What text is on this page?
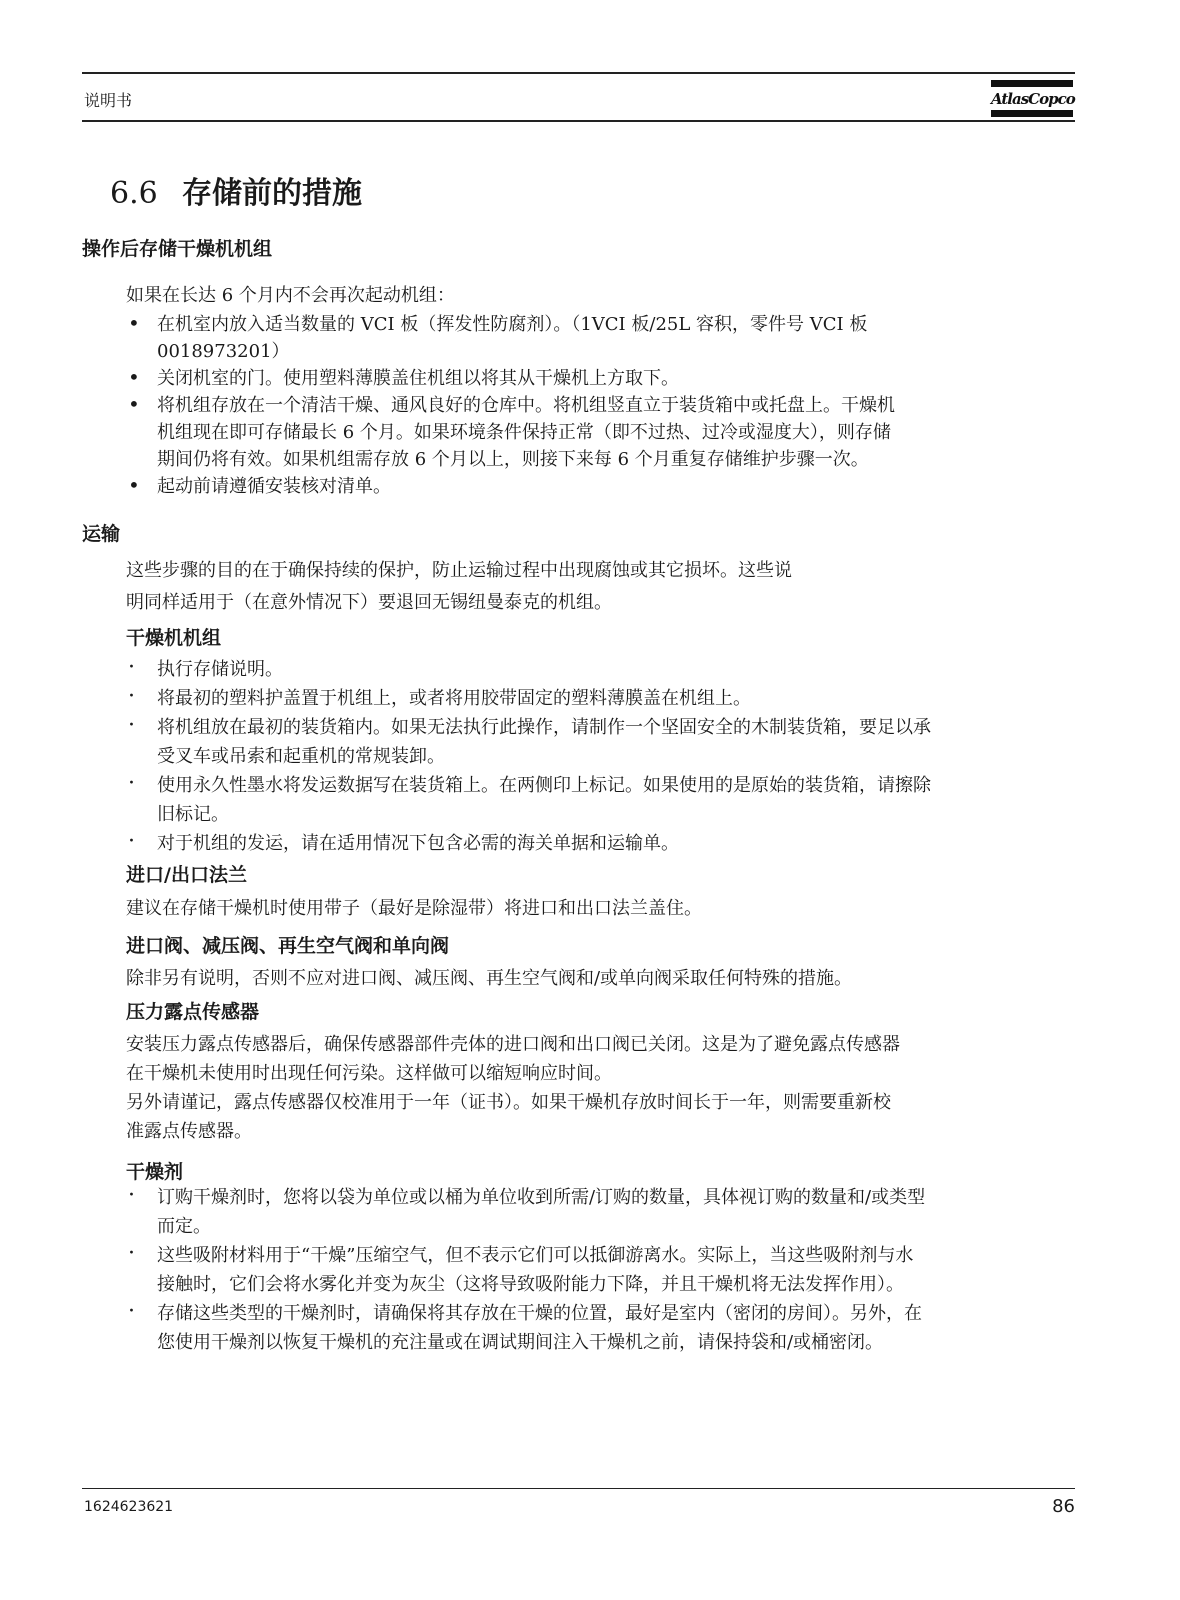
说明书	AtlasCopco
6.6 存储前的措施
操作后存储干燥机机组
如果在长达 6 个月内不会再次起动机组：
•
在机室内放入适当数量的 VCI 板（挥发性防腐剂）。（1VCI 板/25L 容积，零件号 VCI 板
0018973201）
•
关闭机室的门。使用塑料薄膜盖住机组以将其从干燥机上方取下。
•
将机组存放在一个清洁干燥、通风良好的仓库中。将机组竖直立于装货箱中或托盘上。干燥机
机组现在即可存储最长 6 个月。如果环境条件保持正常（即不过热、过冷或湿度大），则存储
期间仍将有效。如果机组需存放 6 个月以上，则接下来每 6 个月重复存储维护步骤一次。
•
起动前请遵循安装核对清单。
运输
这些步骤的目的在于确保持续的保护，防止运输过程中出现腐蚀或其它损坏。这些说
明同样适用于（在意外情况下）要退回无锡纽曼泰克的机组。
干燥机机组
·
执行存储说明。
·
将最初的塑料护盖置于机组上，或者将用胶带固定的塑料薄膜盖在机组上。
·
将机组放在最初的装货箱内。如果无法执行此操作，请制作一个坚固安全的木制装货箱，要足以承
受叉车或吊索和起重机的常规装卸。
·
使用永久性墨水将发运数据写在装货箱上。在两侧印上标记。如果使用的是原始的装货箱，请擦除
旧标记。
·
对于机组的发运，请在适用情况下包含必需的海关单据和运输单。
进口/出口法兰
建议在存储干燥机时使用带子（最好是除湿带）将进口和出口法兰盖住。
进口阀、减压阀、再生空气阀和单向阀
除非另有说明，否则不应对进口阀、减压阀、再生空气阀和/或单向阀采取任何特殊的措施。
压力露点传感器
安装压力露点传感器后，确保传感器部件壳体的进口阀和出口阀已关闭。这是为了避免露点传感器
在干燥机未使用时出现任何污染。这样做可以缩短响应时间。
另外请谨记，露点传感器仅校准用于一年（证书）。如果干燥机存放时间长于一年，则需要重新校
准露点传感器。
干燥剂
·
订购干燥剂时，您将以袋为单位或以桶为单位收到所需/订购的数量，具体视订购的数量和/或类型
而定。
·
这些吸附材料用于“干燥”压缩空气，但不表示它们可以抵御游离水。实际上，当这些吸附剂与水
接触时，它们会将水雾化并变为灰尘（这将导致吸附能力下降，并且干燥机将无法发挥作用）。
·
存储这些类型的干燥剂时，请确保将其存放在干燥的位置，最好是室内（密闭的房间）。另外，在
您使用干燥剂以恢复干燥机的充注量或在调试期间注入干燥机之前，请保持袋和/或桶密闭。
1624623621	86
